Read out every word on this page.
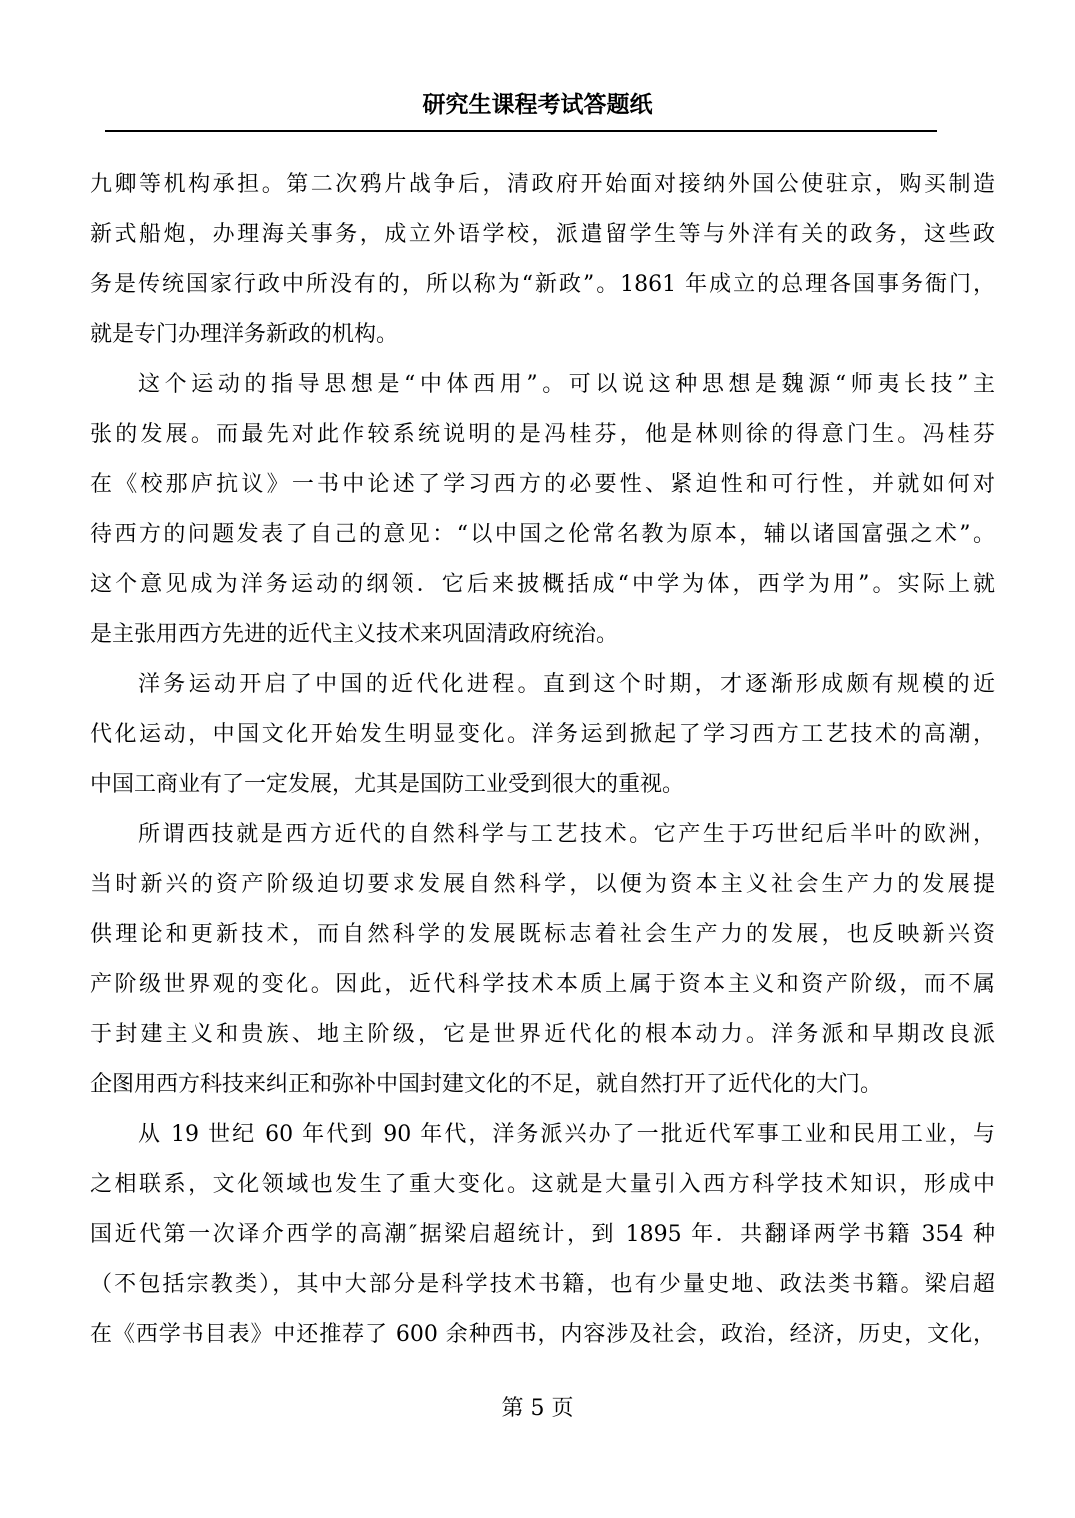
研究生课程考试答题纸
九卿等机构承担。第二次鸦片战争后，清政府开始面对接纳外国公使驻京，购买制造
新式船炮，办理海关事务，成立外语学校，派遣留学生等与外洋有关的政务，这些政
务是传统国家行政中所没有的，所以称为“新政”。1861 年成立的总理各国事务衙门，
就是专门办理洋务新政的机构。
这个运动的指导思想是“中体西用”。可以说这种思想是魏源“师夷长技”主
张的发展。而最先对此作较系统说明的是冯桂芬，他是林则徐的得意门生。冯桂芬
在《校那庐抗议》一书中论述了学习西方的必要性、紧迫性和可行性，并就如何对
待西方的问题发表了自己的意见：“以中国之伦常名教为原本，辅以诸国富强之术”。
这个意见成为洋务运动的纲领．它后来披概括成“中学为体，西学为用”。实际上就
是主张用西方先进的近代主义技术来巩固清政府统治。
洋务运动开启了中国的近代化进程。直到这个时期，才逐渐形成颇有规模的近
代化运动，中国文化开始发生明显变化。洋务运到掀起了学习西方工艺技术的高潮，
中国工商业有了一定发展，尤其是国防工业受到很大的重视。
所谓西技就是西方近代的自然科学与工艺技术。它产生于巧世纪后半叶的欧洲，
当时新兴的资产阶级迫切要求发展自然科学，以便为资本主义社会生产力的发展提
供理论和更新技术，而自然科学的发展既标志着社会生产力的发展，也反映新兴资
产阶级世界观的变化。因此，近代科学技术本质上属于资本主义和资产阶级，而不属
于封建主义和贵族、地主阶级，它是世界近代化的根本动力。洋务派和早期改良派
企图用西方科技来纠正和弥补中国封建文化的不足，就自然打开了近代化的大门。
从 19 世纪 60 年代到 90 年代，洋务派兴办了一批近代军事工业和民用工业，与
之相联系，文化领域也发生了重大变化。这就是大量引入西方科学技术知识，形成中
国近代第一次译介西学的高潮″据梁启超统计，到 1895 年．共翻译两学书籍 354 种
（不包括宗教类），其中大部分是科学技术书籍，也有少量史地、政法类书籍。梁启超
在《西学书目表》中还推荐了 600 余种西书，内容涉及社会，政治，经济，历史，文化，
第 5 页
